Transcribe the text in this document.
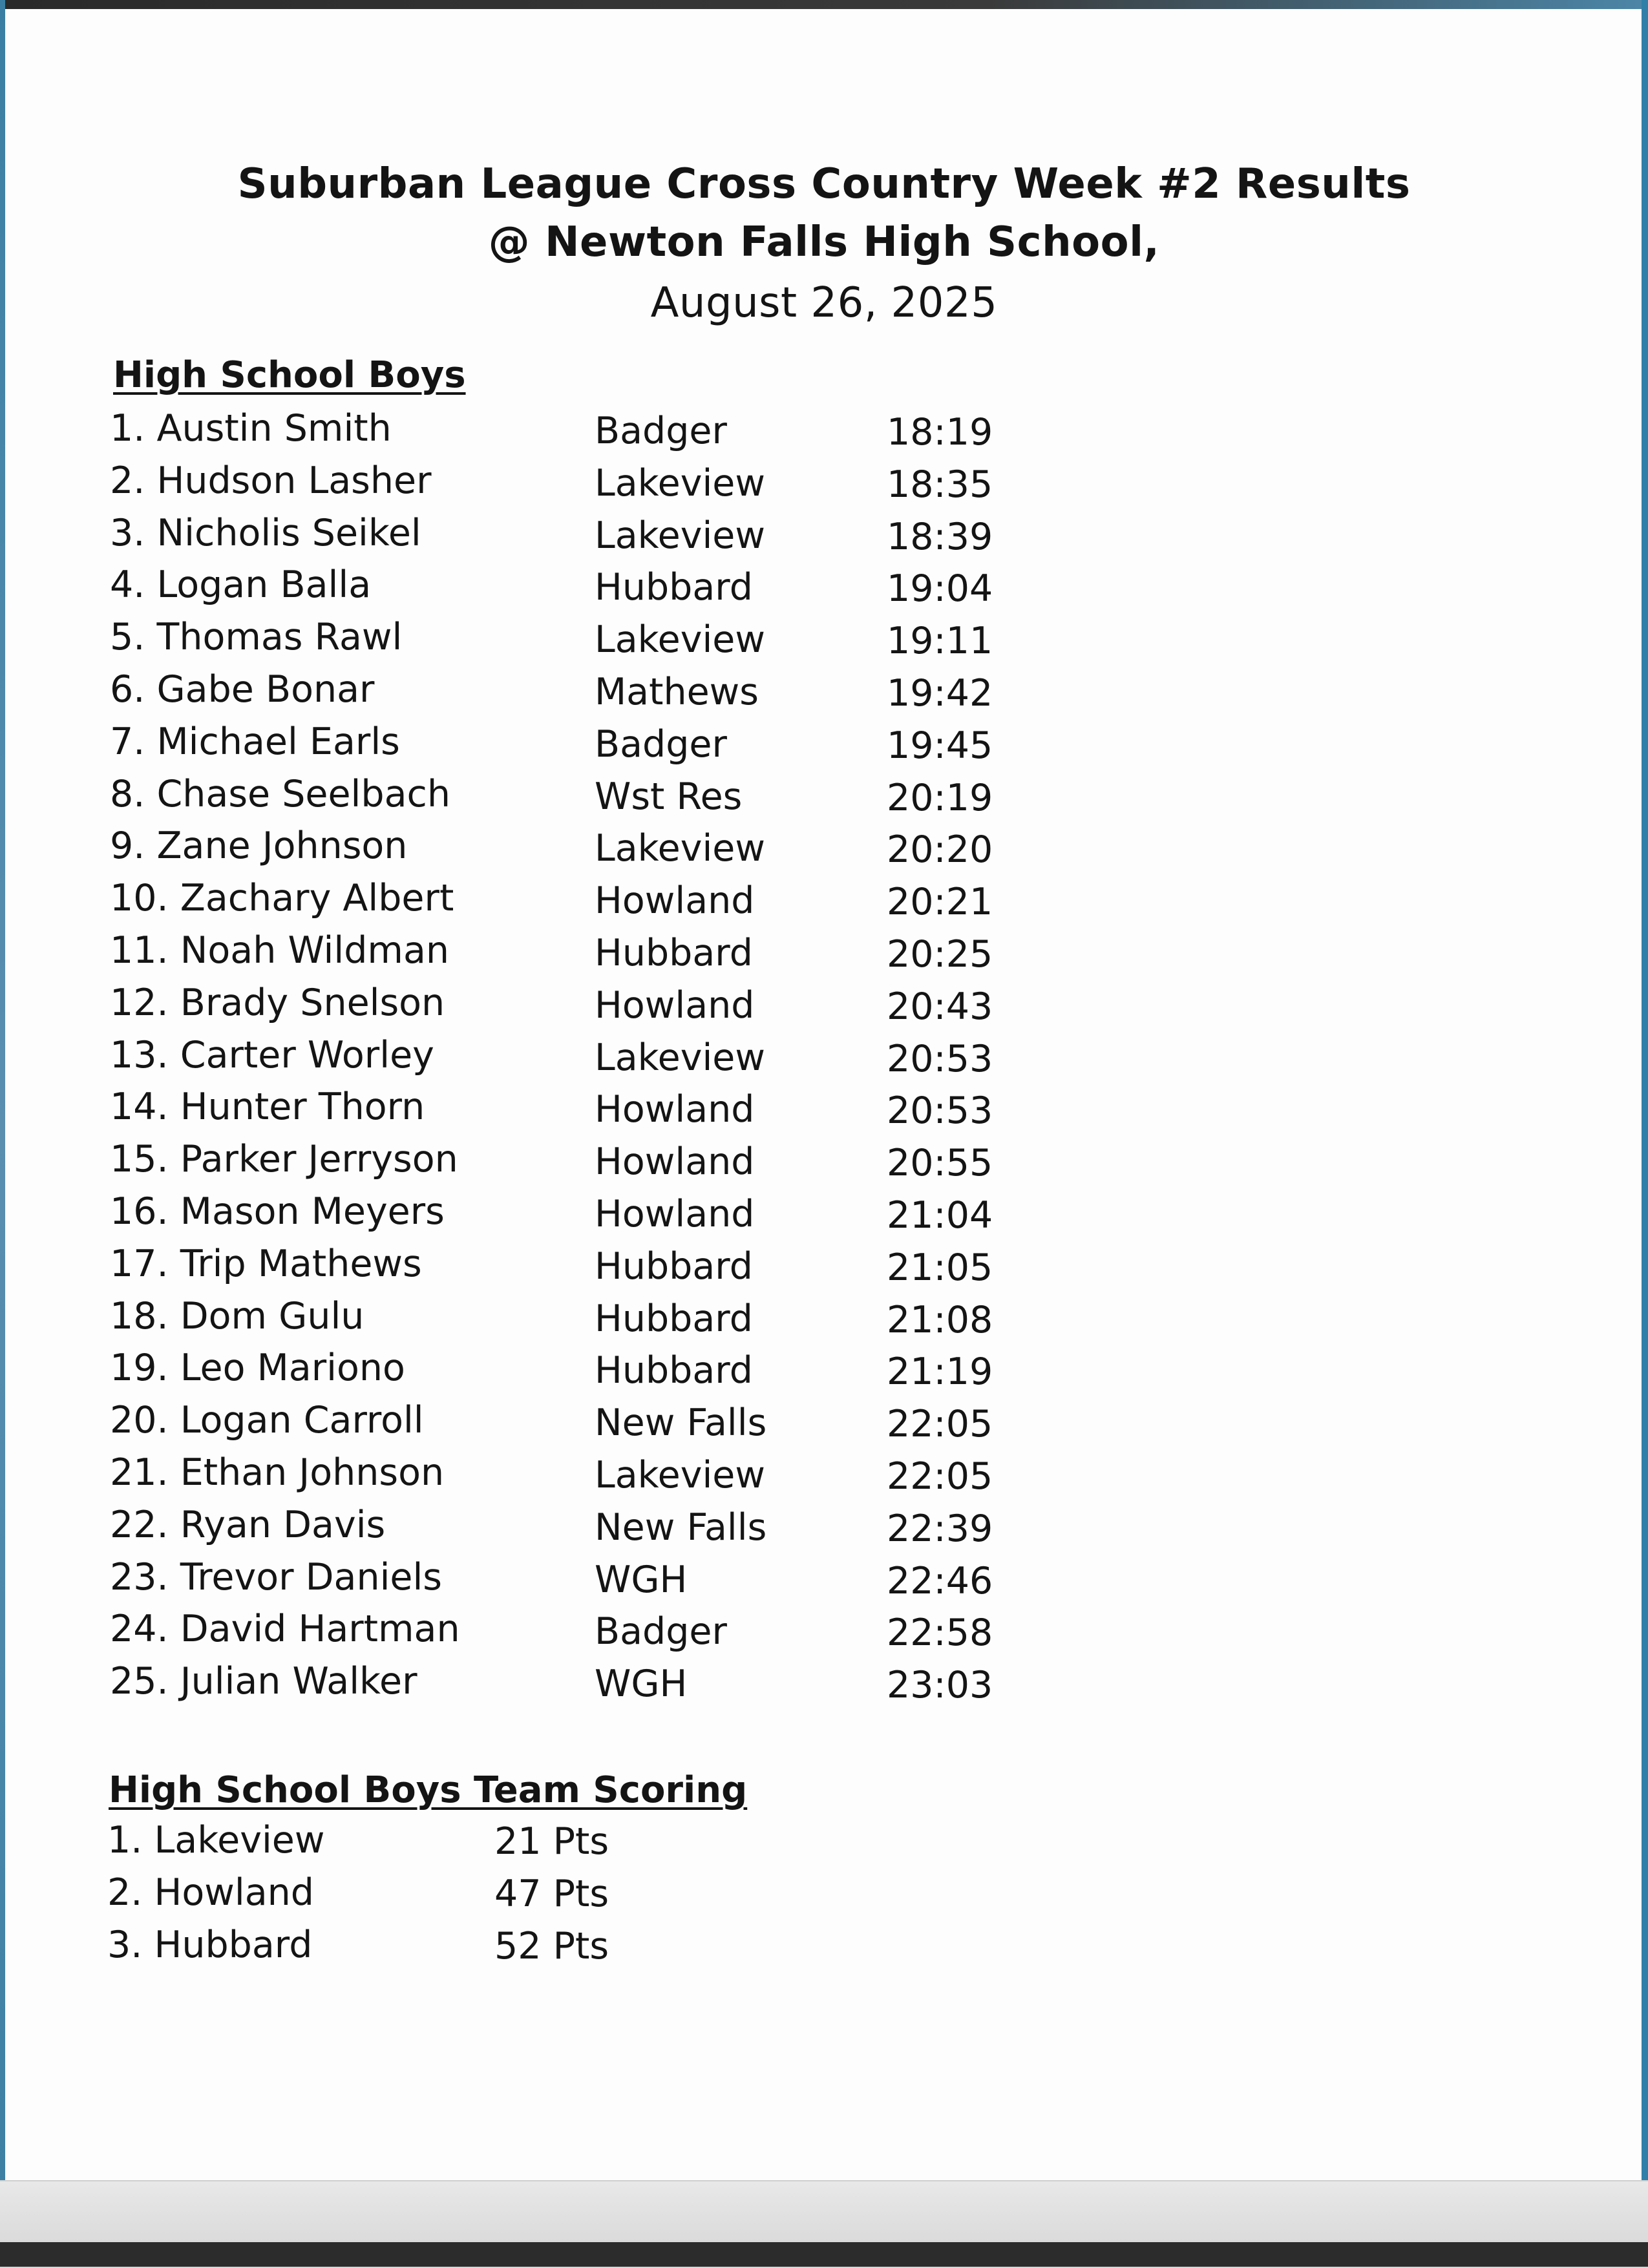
Suburban League Cross Country Week #2 Results
@ Newton Falls High School,
August 26, 2025
High School Boys
1. Austin Smith	Badger	18:19
2. Hudson Lasher	Lakeview	18:35
3. Nicholis Seikel	Lakeview	18:39
4. Logan Balla	Hubbard	19:04
5. Thomas Rawl	Lakeview	19:11
6. Gabe Bonar	Mathews	19:42
7. Michael Earls	Badger	19:45
8. Chase Seelbach	Wst Res	20:19
9. Zane Johnson	Lakeview	20:20
10. Zachary Albert	Howland	20:21
11. Noah Wildman	Hubbard	20:25
12. Brady Snelson	Howland	20:43
13. Carter Worley	Lakeview	20:53
14. Hunter Thorn	Howland	20:53
15. Parker Jerryson	Howland	20:55
16. Mason Meyers	Howland	21:04
17. Trip Mathews	Hubbard	21:05
18. Dom Gulu	Hubbard	21:08
19. Leo Mariono	Hubbard	21:19
20. Logan Carroll	New Falls	22:05
21. Ethan Johnson	Lakeview	22:05
22. Ryan Davis	New Falls	22:39
23. Trevor Daniels	WGH	22:46
24. David Hartman	Badger	22:58
25. Julian Walker	WGH	23:03
High School Boys Team Scoring
1. Lakeview	21 Pts
2. Howland	47 Pts
3. Hubbard	52 Pts
